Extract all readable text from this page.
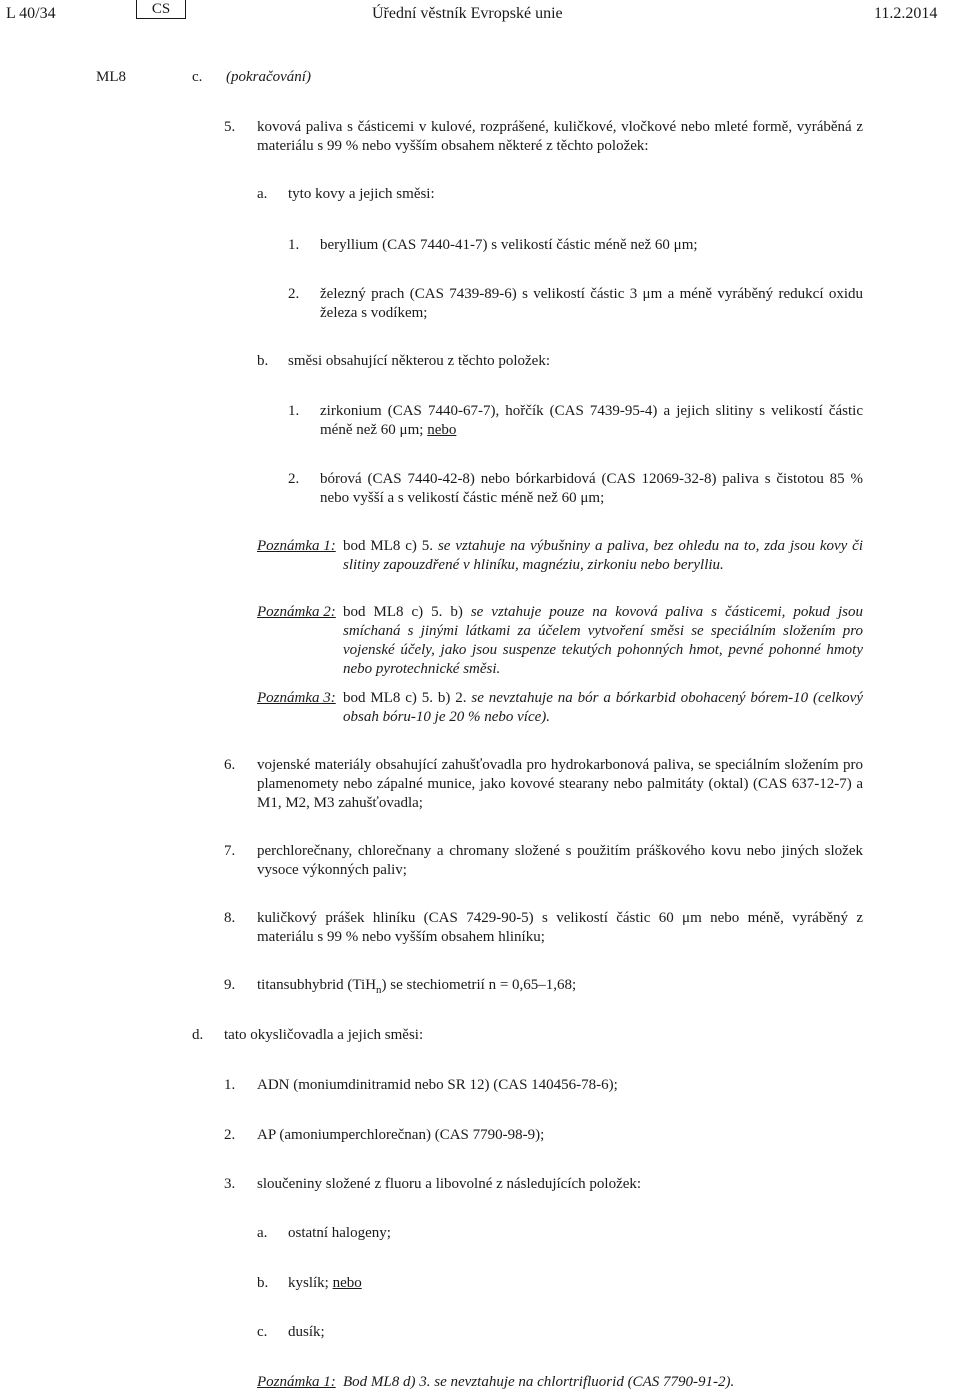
L 40/34	CS	Úřední věstník Evropské unie	11.2.2014
ML8	c. (pokračování)
5. kovová paliva s částicemi v kulové, rozprášené, kuličkové, vločkové nebo mleté formě, vyráběná z materiálu s 99 % nebo vyšším obsahem některé z těchto položek:

a. tyto kovy a jejich směsi:

1. beryllium (CAS 7440-41-7) s velikostí částic méně než 60 μm;

2. železný prach (CAS 7439-89-6) s velikostí částic 3 μm a méně vyráběný redukcí oxidu železa s vodíkem;

b. směsi obsahující některou z těchto položek:

1. zirkonium (CAS 7440-67-7), hořčík (CAS 7439-95-4) a jejich slitiny s velikostí částic méně než 60 μm; nebo

2. bórová (CAS 7440-42-8) nebo bórkarbidová (CAS 12069-32-8) paliva s čistotou 85 % nebo vyšší a s velikostí částic méně než 60 μm;

Poznámka 1: bod ML8 c) 5. se vztahuje na výbušniny a paliva, bez ohledu na to, zda jsou kovy či slitiny zapouzdřené v hliníku, magnéziu, zirkoniu nebo berylliu.

Poznámka 2: bod ML8 c) 5. b) se vztahuje pouze na kovová paliva s částicemi, pokud jsou smíchaná s jinými látkami za účelem vytvoření směsi se speciálním složením pro vojenské účely, jako jsou suspenze tekutých pohonných hmot, pevné pohonné hmoty nebo pyrotechnické směsi.

Poznámka 3: bod ML8 c) 5. b) 2. se nevztahuje na bór a bórkarbid obohacený bórem-10 (celkový obsah bóru-10 je 20 % nebo více).

6. vojenské materiály obsahující zahušťovadla pro hydrokarbonová paliva, se speciálním složením pro plamenomety nebo zápalné munice, jako kovové stearany nebo palmitáty (oktal) (CAS 637-12-7) a M1, M2, M3 zahušťovadla;

7. perchlorečnany, chlorečnany a chromany složené s použitím práškového kovu nebo jiných složek vysoce výkonných paliv;

8. kuličkový prášek hliníku (CAS 7429-90-5) s velikostí částic 60 μm nebo méně, vyráběný z materiálu s 99 % nebo vyšším obsahem hliníku;

9. titansubhybrid (TiH$_n$) se stechiometrií n = 0,65–1,68;

d. tato okysličovadla a jejich směsi:

1. ADN (moniumdinitramid nebo SR 12) (CAS 140456-78-6);

2. AP (amoniumperchlorečnan) (CAS 7790-98-9);

3. sloučeniny složené z fluoru a libovolné z následujících položek:

a. ostatní halogeny;

b. kyslík; nebo

c. dusík;

Poznámka 1: Bod ML8 d) 3. se nevztahuje na chlortrifluorid (CAS 7790-91-2).
